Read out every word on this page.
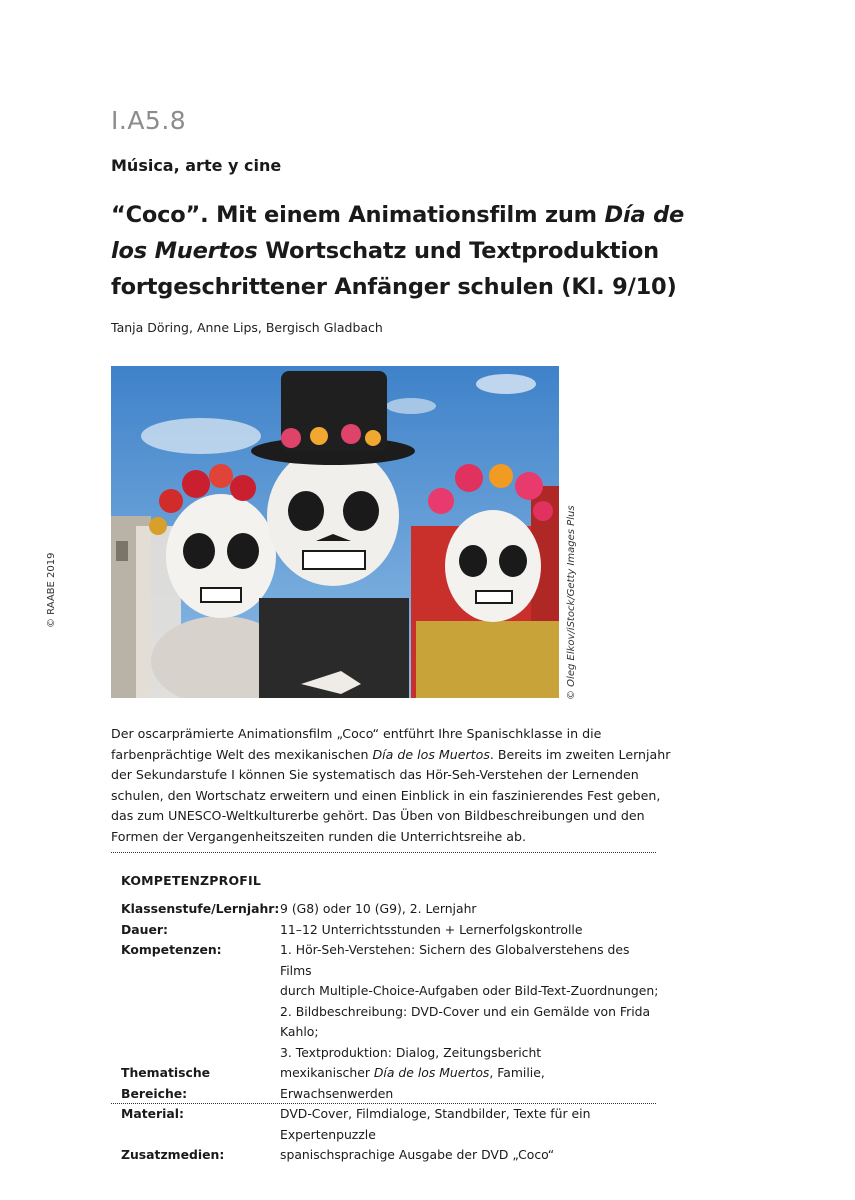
I.A5.8
Música, arte y cine
“Coco”. Mit einem Animationsfilm zum Día de los Muertos Wortschatz und Textproduktion fortgeschrittener Anfänger schulen (Kl. 9/10)
Tanja Döring, Anne Lips, Bergisch Gladbach
© RAABE 2019	© Oleg Elkov/iStock/Getty Images Plus
Der oscarprämierte Animationsfilm „Coco“ entführt Ihre Spanischklasse in die farbenprächtige Welt des mexikanischen Día de los Muertos. Bereits im zweiten Lernjahr der Sekundarstufe I können Sie systematisch das Hör-Seh-Verstehen der Lernenden schulen, den Wortschatz erweitern und einen Einblick in ein faszinierendes Fest geben, das zum UNESCO-Weltkulturerbe gehört. Das Üben von Bildbeschreibungen und den Formen der Vergangenheitszeiten runden die Unterrichtsreihe ab.
KOMPETENZPROFIL
Klassenstufe/Lernjahr: 9 (G8) oder 10 (G9), 2. Lernjahr
Dauer:	11–12 Unterrichtsstunden + Lernerfolgskontrolle
Kompetenzen:	1. Hör-Seh-Verstehen: Sichern des Globalverstehens des Films
durch Multiple-Choice-Aufgaben oder Bild-Text-Zuordnungen;
2. Bildbeschreibung: DVD-Cover und ein Gemälde von Frida Kahlo;
3. Textproduktion: Dialog, Zeitungsbericht
Thematische Bereiche:
mexikanischer Día de los Muertos, Familie, Erwachsenwerden
Material:	DVD-Cover, Filmdialoge, Standbilder, Texte für ein Expertenpuzzle
Zusatzmedien:	spanischsprachige Ausgabe der DVD „Coco“
